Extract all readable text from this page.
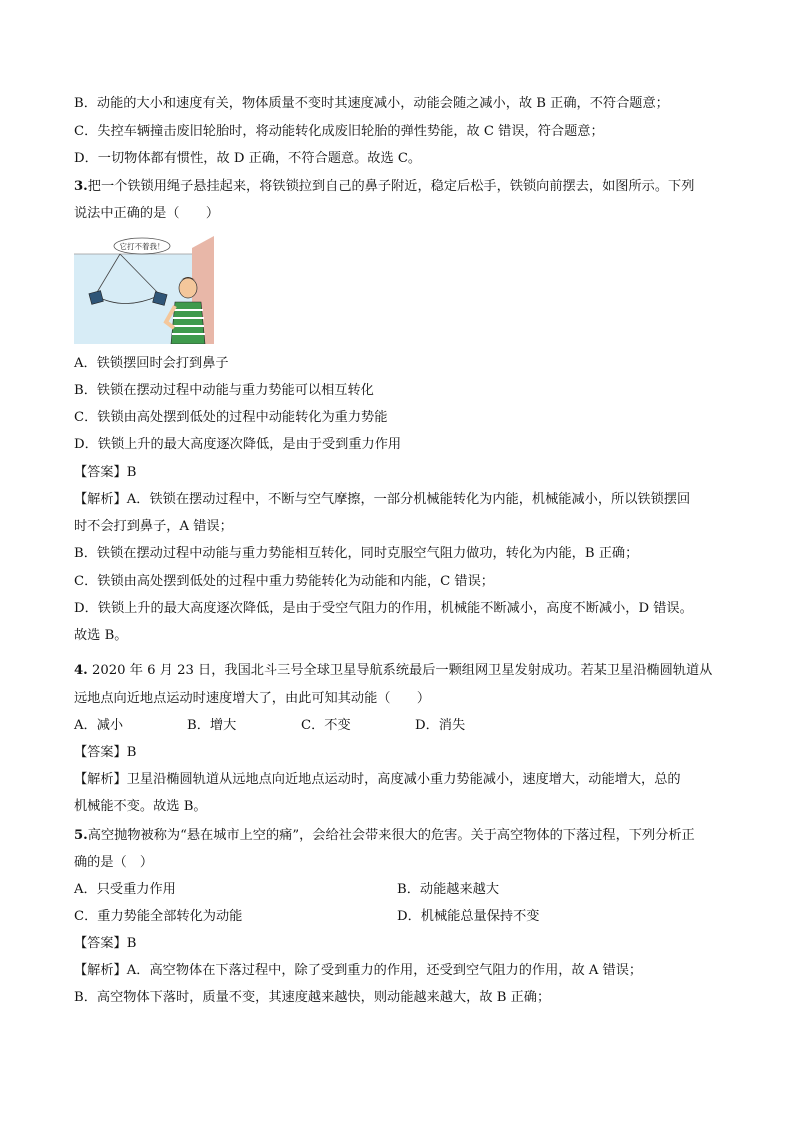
B．动能的大小和速度有关，物体质量不变时其速度减小，动能会随之减小，故 B 正确，不符合题意；
C．失控车辆撞击废旧轮胎时，将动能转化成废旧轮胎的弹性势能，故 C 错误，符合题意；
D．一切物体都有惯性，故 D 正确，不符合题意。故选 C。
3.把一个铁锁用绳子悬挂起来，将铁锁拉到自己的鼻子附近，稳定后松手，铁锁向前摆去，如图所示。下列
说法中正确的是（　　）
它打不着我！
A．铁锁摆回时会打到鼻子
B．铁锁在摆动过程中动能与重力势能可以相互转化
C．铁锁由高处摆到低处的过程中动能转化为重力势能
D．铁锁上升的最大高度逐次降低，是由于受到重力作用
【答案】B
【解析】A．铁锁在摆动过程中，不断与空气摩擦，一部分机械能转化为内能，机械能减小，所以铁锁摆回
时不会打到鼻子，A 错误；
B．铁锁在摆动过程中动能与重力势能相互转化，同时克服空气阻力做功，转化为内能，B 正确；
C．铁锁由高处摆到低处的过程中重力势能转化为动能和内能，C 错误；
D．铁锁上升的最大高度逐次降低，是由于受空气阻力的作用，机械能不断减小，高度不断减小，D 错误。
故选 B。
4. 2020 年 6 月 23 日，我国北斗三号全球卫星导航系统最后一颗组网卫星发射成功。若某卫星沿椭圆轨道从
远地点向近地点运动时速度增大了，由此可知其动能（　　）
A．减小	B．增大	C．不变	D．消失
【答案】B
【解析】卫星沿椭圆轨道从远地点向近地点运动时，高度减小重力势能减小，速度增大，动能增大，总的
机械能不变。故选 B。
5.高空抛物被称为“悬在城市上空的痛”，会给社会带来很大的危害。关于高空物体的下落过程，下列分析正
确的是（　）
A．只受重力作用	B．动能越来越大
C．重力势能全部转化为动能	D．机械能总量保持不变
【答案】B
【解析】A．高空物体在下落过程中，除了受到重力的作用，还受到空气阻力的作用，故 A 错误；
B．高空物体下落时，质量不变，其速度越来越快，则动能越来越大，故 B 正确；
